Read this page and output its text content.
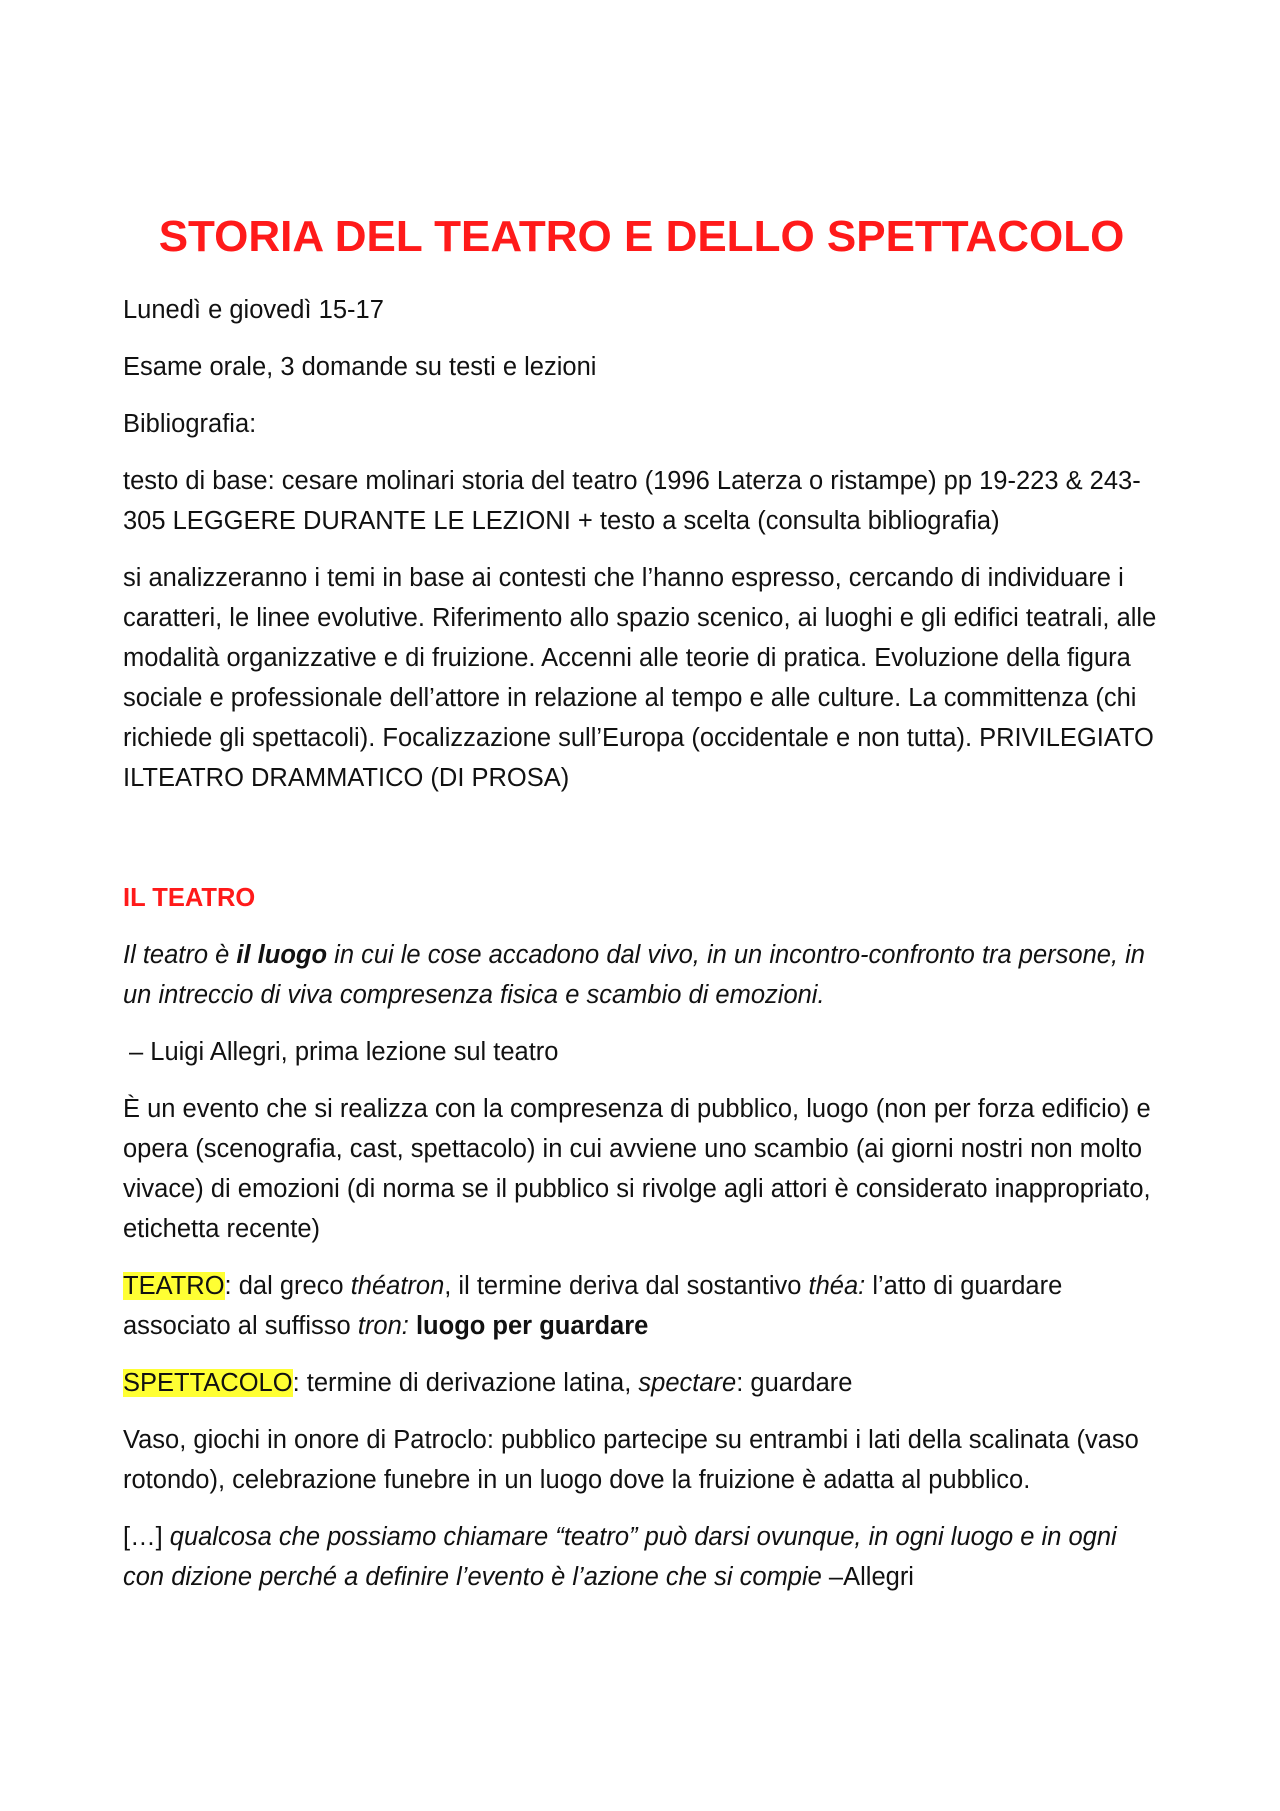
STORIA DEL TEATRO E DELLO SPETTACOLO

Lunedì e giovedì 15-17

Esame orale, 3 domande su testi e lezioni

Bibliografia:

testo di base: cesare molinari storia del teatro (1996 Laterza o ristampe) pp 19-223 & 243-305 LEGGERE DURANTE LE LEZIONI + testo a scelta (consulta bibliografia)

si analizzeranno i temi in base ai contesti che l’hanno espresso, cercando di individuare i caratteri, le linee evolutive. Riferimento allo spazio scenico, ai luoghi e gli edifici teatrali, alle modalità organizzative e di fruizione. Accenni alle teorie di pratica. Evoluzione della figura sociale e professionale dell’attore in relazione al tempo e alle culture. La committenza (chi richiede gli spettacoli). Focalizzazione sull’Europa (occidentale e non tutta). PRIVILEGIATO ILTEATRO DRAMMATICO (DI PROSA)

IL TEATRO

Il teatro è il luogo in cui le cose accadono dal vivo, in un incontro-confronto tra persone, in un intreccio di viva compresenza fisica e scambio di emozioni.

– Luigi Allegri, prima lezione sul teatro

È un evento che si realizza con la compresenza di pubblico, luogo (non per forza edificio) e opera (scenografia, cast, spettacolo) in cui avviene uno scambio (ai giorni nostri non molto vivace) di emozioni (di norma se il pubblico si rivolge agli attori è considerato inappropriato, etichetta recente)

TEATRO: dal greco théatron, il termine deriva dal sostantivo théa: l’atto di guardare associato al suffisso tron: luogo per guardare

SPETTACOLO: termine di derivazione latina, spectare: guardare

Vaso, giochi in onore di Patroclo: pubblico partecipe su entrambi i lati della scalinata (vaso rotondo), celebrazione funebre in un luogo dove la fruizione è adatta al pubblico.

[…] qualcosa che possiamo chiamare “teatro” può darsi ovunque, in ogni luogo e in ogni con dizione perché a definire l’evento è l’azione che si compie –Allegri
